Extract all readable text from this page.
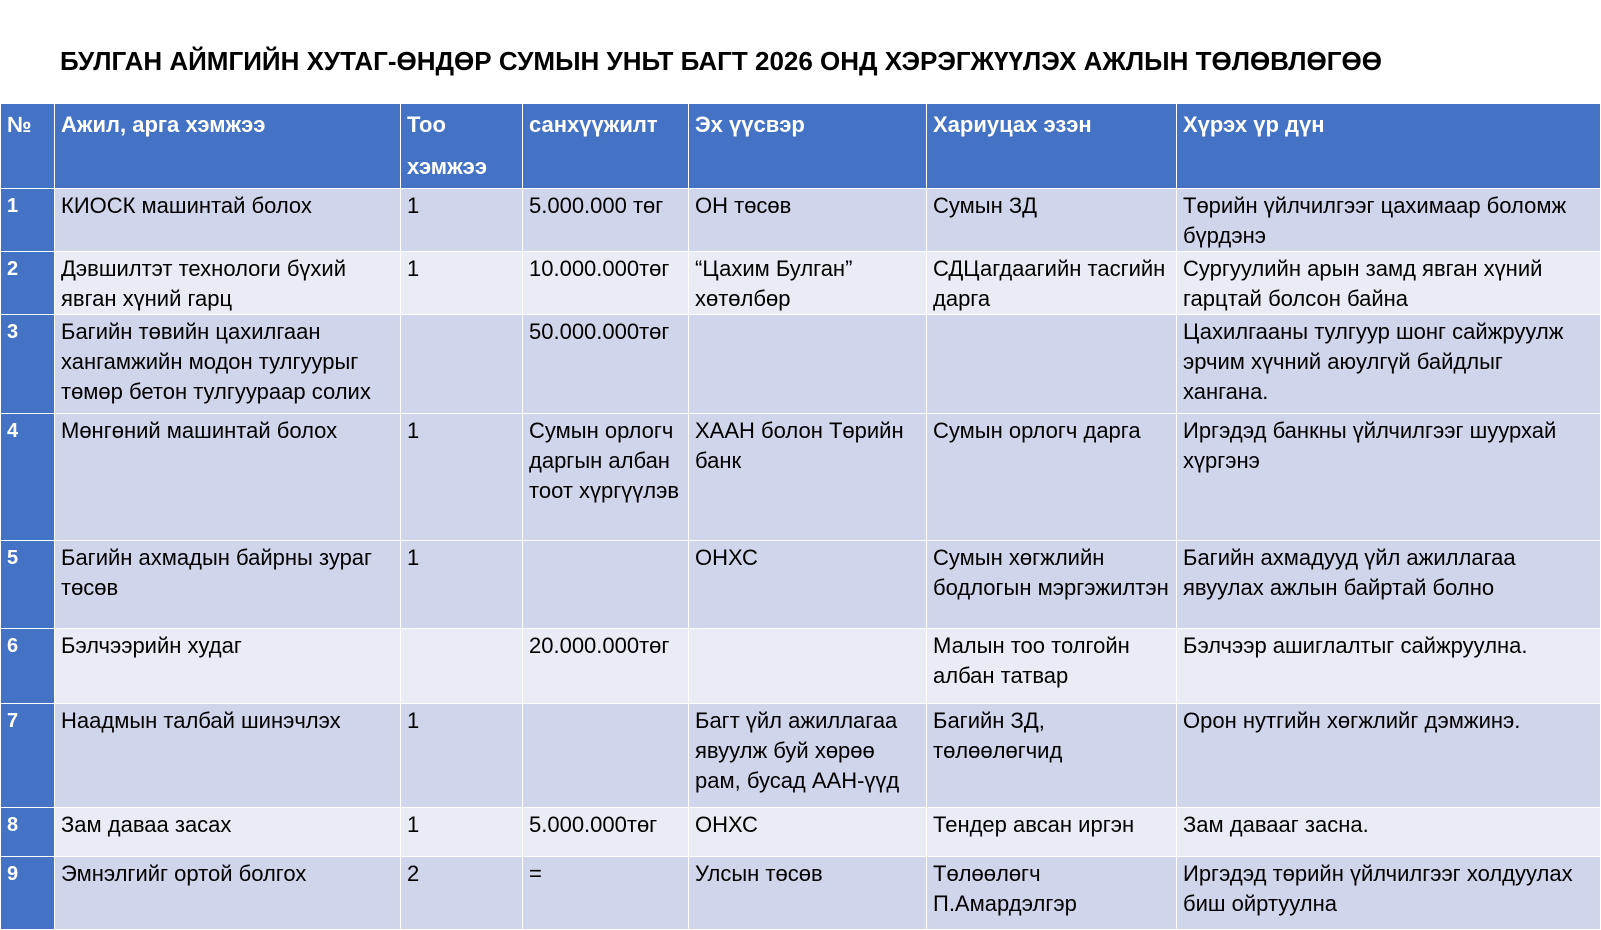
БУЛГАН АЙМГИЙН ХУТАГ-ӨНДӨР СУМЫН УНЬТ БАГТ 2026 ОНД ХЭРЭГЖҮҮЛЭХ АЖЛЫН ТӨЛӨВЛӨГӨӨ
№	Ажил, арга хэмжээ	Тоо хэмжээ	санхүүжилт	Эх үүсвэр	Хариуцах эзэн	Хүрэх үр дүн
1	КИОСК машинтай болох	1	5.000.000 төг	ОН төсөв	Сумын ЗД	Төрийн үйлчилгээг цахимаар боломж бүрдэнэ
2	Дэвшилтэт технологи бүхий явган хүний гарц	1	10.000.000төг	“Цахим Булган” хөтөлбөр	СДЦагдаагийн тасгийн дарга	Сургуулийн арын замд явган хүний гарцтай болсон байна
3	Багийн төвийн цахилгаан хангамжийн модон тулгуурыг төмөр бетон тулгуураар солих		50.000.000төг			Цахилгааны тулгуур шонг сайжруулж эрчим хүчний аюулгүй байдлыг хангана.
4	Мөнгөний машинтай болох	1	Сумын орлогч даргын албан тоот хүргүүлэв	ХААН болон Төрийн банк	Сумын орлогч дарга	Иргэдэд банкны үйлчилгээг шуурхай хүргэнэ
5	Багийн ахмадын байрны зураг төсөв	1		ОНХС	Сумын хөгжлийн бодлогын мэргэжилтэн	Багийн ахмадууд үйл ажиллагаа явуулах ажлын байртай болно
6	Бэлчээрийн худаг		20.000.000төг		Малын тоо толгойн албан татвар	Бэлчээр ашиглалтыг сайжруулна.
7	Наадмын талбай шинэчлэх	1		Багт үйл ажиллагаа явуулж буй хөрөө рам, бусад ААН-үүд	Багийн ЗД, төлөөлөгчид	Орон нутгийн хөгжлийг дэмжинэ.
8	Зам даваа засах	1	5.000.000төг	ОНХС	Тендер авсан иргэн	Зам давааг засна.
9	Эмнэлгийг ортой болгох	2	=	Улсын төсөв	Төлөөлөгч П.Амардэлгэр	Иргэдэд төрийн үйлчилгээг холдуулах биш ойртуулна
